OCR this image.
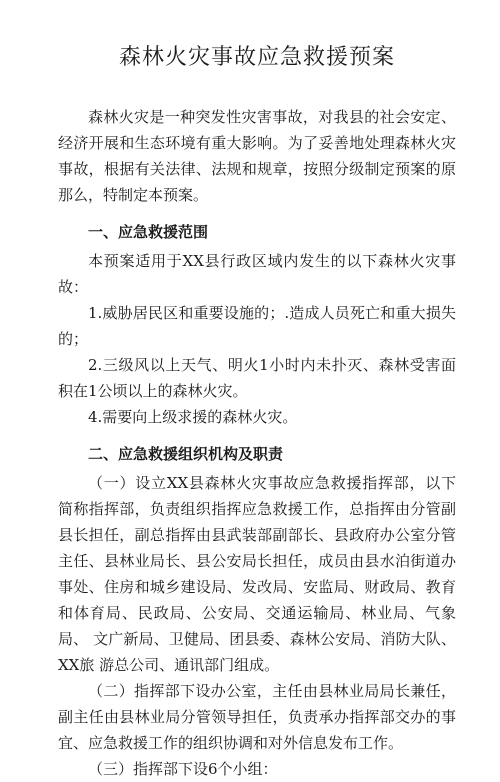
森林火灾事故应急救援预案

森林火灾是一种突发性灾害事故，对我县的社会安定、 经济开展和生态环境有重大影响。为了妥善地处理森林火灾 事故，根据有关法律、法规和规章，按照分级制定预案的原 那么，特制定本预案。

一、应急救援范围

本预案适用于XX县行政区域内发生的以下森林火灾事 故：

1.威胁居民区和重要设施的；.造成人员死亡和重大损失的；

2.三级风以上天气、明火1小时内未扑灭、森林受害面 积在1公顷以上的森林火灾。

4.需要向上级求援的森林火灾。

二、应急救援组织机构及职责

（一）设立XX县森林火灾事故应急救援指挥部，以下 简称指挥部，负责组织指挥应急救援工作，总指挥由分管副 县长担任，副总指挥由县武装部副部长、县政府办公室分管 主任、县林业局长、县公安局长担任，成员由县水泊街道办 事处、住房和城乡建设局、发改局、安监局、财政局、教育 和体育局、民政局、公安局、交通运输局、林业局、气象局、 文广新局、卫健局、团县委、森林公安局、消防大队、XX旅 游总公司、通讯部门组成。

（二）指挥部下设办公室，主任由县林业局局长兼任， 副主任由县林业局分管领导担任，负责承办指挥部交办的事 宜、应急救援工作的组织协调和对外信息发布工作。

（三）指挥部下设6个小组：
